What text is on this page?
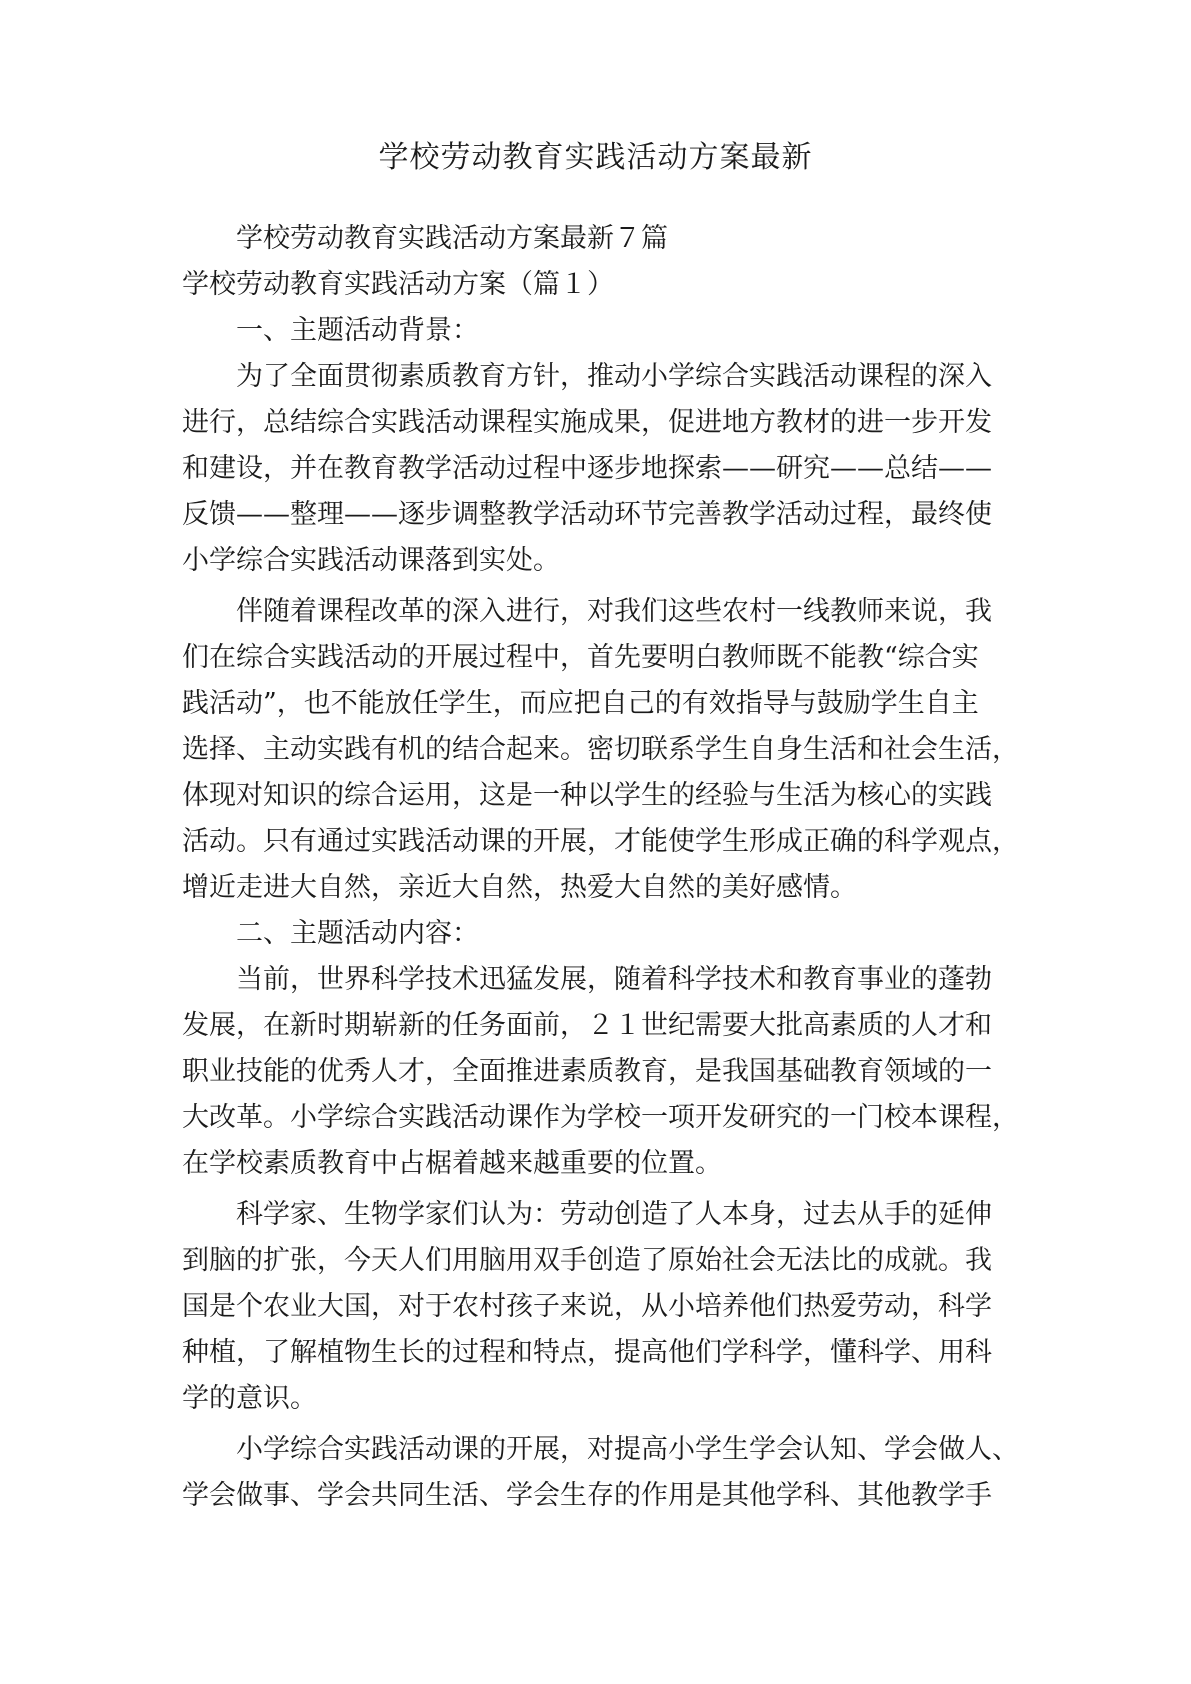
学校劳动教育实践活动方案最新

学校劳动教育实践活动方案最新７篇

学校劳动教育实践活动方案（篇１）

一、主题活动背景：

为了全面贯彻素质教育方针，推动小学综合实践活动课程的深入

进行，总结综合实践活动课程实施成果，促进地方教材的进一步开发

和建设，并在教育教学活动过程中逐步地探索——研究——总结——

反馈——整理——逐步调整教学活动环节完善教学活动过程，最终使

小学综合实践活动课落到实处。

伴随着课程改革的深入进行，对我们这些农村一线教师来说，我

们在综合实践活动的开展过程中，首先要明白教师既不能教“综合实

践活动”，也不能放任学生，而应把自己的有效指导与鼓励学生自主

选择、主动实践有机的结合起来。密切联系学生自身生活和社会生活，

体现对知识的综合运用，这是一种以学生的经验与生活为核心的实践

活动。只有通过实践活动课的开展，才能使学生形成正确的科学观点，

增近走进大自然，亲近大自然，热爱大自然的美好感情。

二、主题活动内容：

当前，世界科学技术迅猛发展，随着科学技术和教育事业的蓬勃

发展，在新时期崭新的任务面前，２１世纪需要大批高素质的人才和

职业技能的优秀人才，全面推进素质教育，是我国基础教育领域的一

大改革。小学综合实践活动课作为学校一项开发研究的一门校本课程，

在学校素质教育中占椐着越来越重要的位置。

科学家、生物学家们认为：劳动创造了人本身，过去从手的延伸

到脑的扩张，今天人们用脑用双手创造了原始社会无法比的成就。我

国是个农业大国，对于农村孩子来说，从小培养他们热爱劳动，科学

种植，了解植物生长的过程和特点，提高他们学科学，懂科学、用科

学的意识。

小学综合实践活动课的开展，对提高小学生学会认知、学会做人、

学会做事、学会共同生活、学会生存的作用是其他学科、其他教学手
